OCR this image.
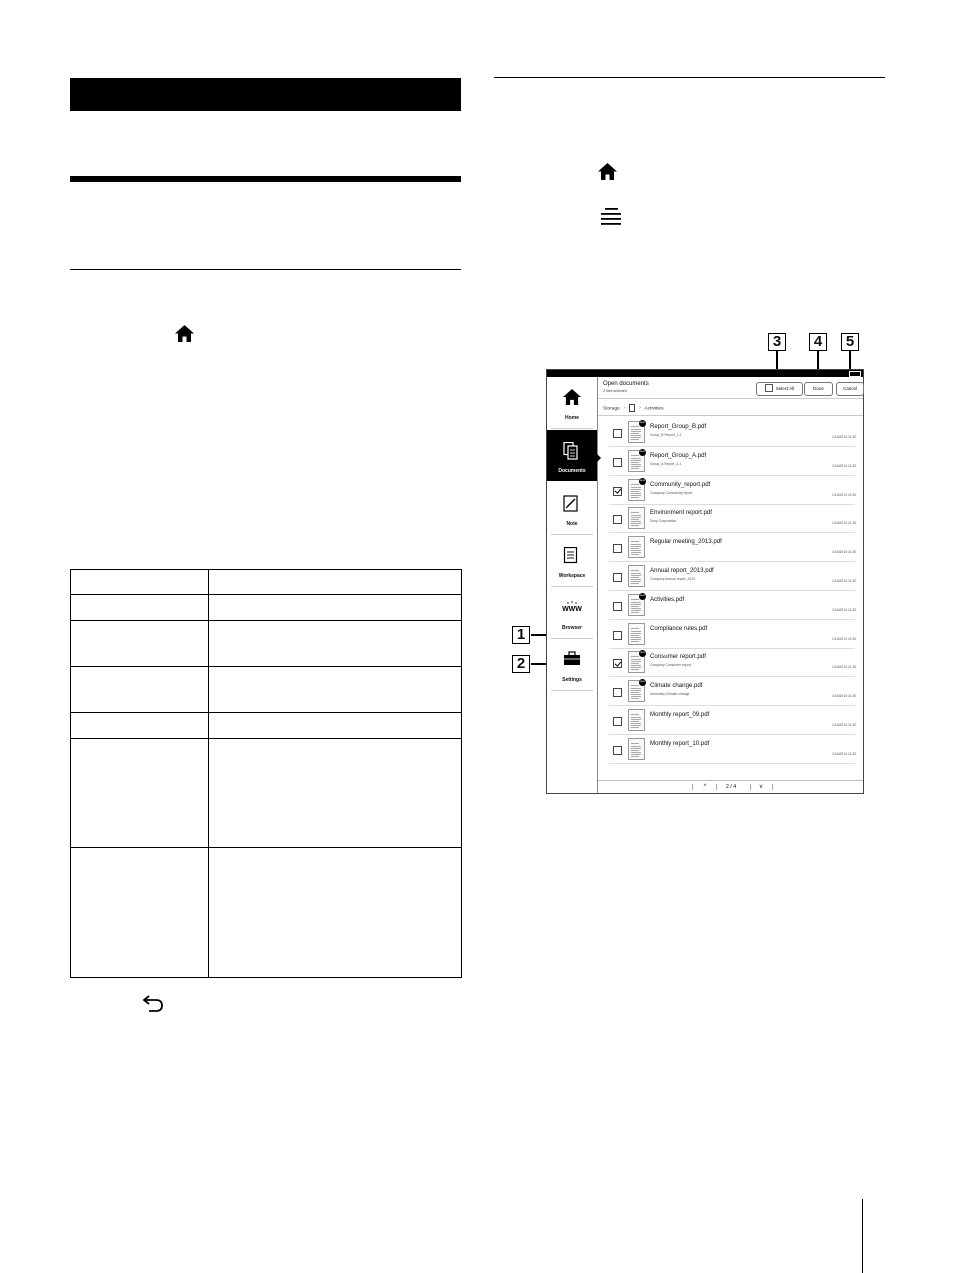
3	4	5
1
2
Home
Documents
Note
Workspace
WWW
Browser
Settings
Open documents
2 files selected	Select All	Done	Cancel
Storage >	> Activities
NEW Report_Group_B.pdf
Group_B Report_1-2	1/16/2014 11:30
NEW Report_Group_A.pdf
Group_A Report_1-1	1/16/2014 11:30
NEW Community_report.pdf
Company Community report	1/16/2014 11:30
Environment report.pdf
Sony Corporation	1/16/2014 11:30
Regular meeting_2013.pdf
1/16/2014 11:30
Annual report_2013.pdf
Company Annual report_2013	1/16/2014 11:30
NEW Activities.pdf
1/16/2014 11:30
Compliance rules.pdf
1/16/2014 11:30
NEW Consumer report.pdf
Company Consumer report	1/16/2014 11:30
NEW Climate change.pdf
University Climate change	1/16/2014 11:30
Monthly report_09.pdf
1/16/2014 11:30
Monthly report_10.pdf
1/16/2014 11:30
^	2 / 4	v
